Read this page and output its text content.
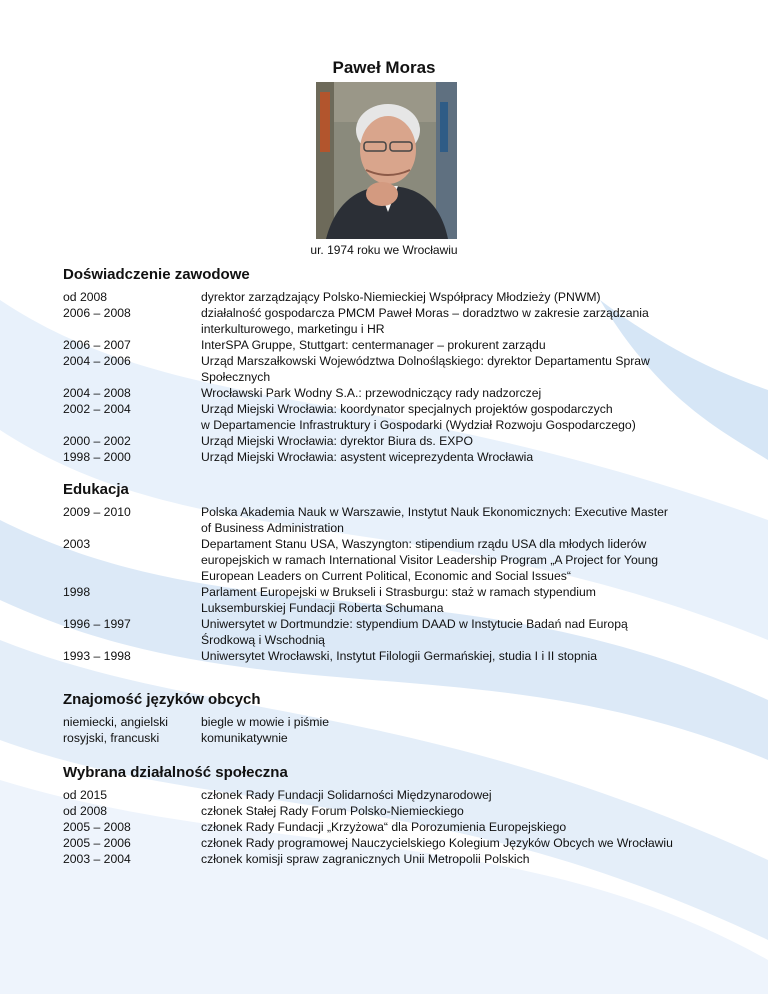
Paweł Moras
ur. 1974 roku we Wrocławiu
Doświadczenie zawodowe
od 2008	dyrektor zarządzający Polsko-Niemieckiej Współpracy Młodzieży (PNWM)
2006 – 2008	działalność gospodarcza PMCM Paweł Moras – doradztwo w zakresie zarządzania
interkulturowego, marketingu i HR
2006 – 2007	InterSPA Gruppe, Stuttgart: centermanager – prokurent zarządu
2004 – 2006	Urząd Marszałkowski Województwa Dolnośląskiego: dyrektor Departamentu Spraw
Społecznych
2004 – 2008	Wrocławski Park Wodny S.A.: przewodniczący rady nadzorczej
2002 – 2004	Urząd Miejski Wrocławia: koordynator specjalnych projektów gospodarczych
w Departamencie Infrastruktury i Gospodarki (Wydział Rozwoju Gospodarczego)
2000 – 2002	Urząd Miejski Wrocławia: dyrektor Biura ds. EXPO
1998 – 2000	Urząd Miejski Wrocławia: asystent wiceprezydenta Wrocławia
Edukacja
2009 – 2010	Polska Akademia Nauk w Warszawie, Instytut Nauk Ekonomicznych: Executive Master
of Business Administration
2003	Departament Stanu USA, Waszyngton: stipendium rządu USA dla młodych liderów
europejskich w ramach International Visitor Leadership Program „A Project for Young
European Leaders on Current Political, Economic and Social Issues“
1998	Parlament Europejski w Brukseli i Strasburgu: staż w ramach stypendium
Luksemburskiej Fundacji Roberta Schumana
1996 – 1997	Uniwersytet w Dortmundzie: stypendium DAAD w Instytucie Badań nad Europą
Środkową i Wschodnią
1993 – 1998	Uniwersytet Wrocławski, Instytut Filologii Germańskiej, studia I i II stopnia
Znajomość języków obcych
niemiecki, angielski	biegle w mowie i piśmie
rosyjski, francuski	komunikatywnie
Wybrana działalność społeczna
od 2015	członek Rady Fundacji Solidarności Międzynarodowej
od 2008	członek Stałej Rady Forum Polsko-Niemieckiego
2005 – 2008	członek Rady Fundacji „Krzyżowa“ dla Porozumienia Europejskiego
2005 – 2006	członek Rady programowej Nauczycielskiego Kolegium Języków Obcych we Wrocławiu
2003 – 2004	członek komisji spraw zagranicznych Unii Metropolii Polskich
